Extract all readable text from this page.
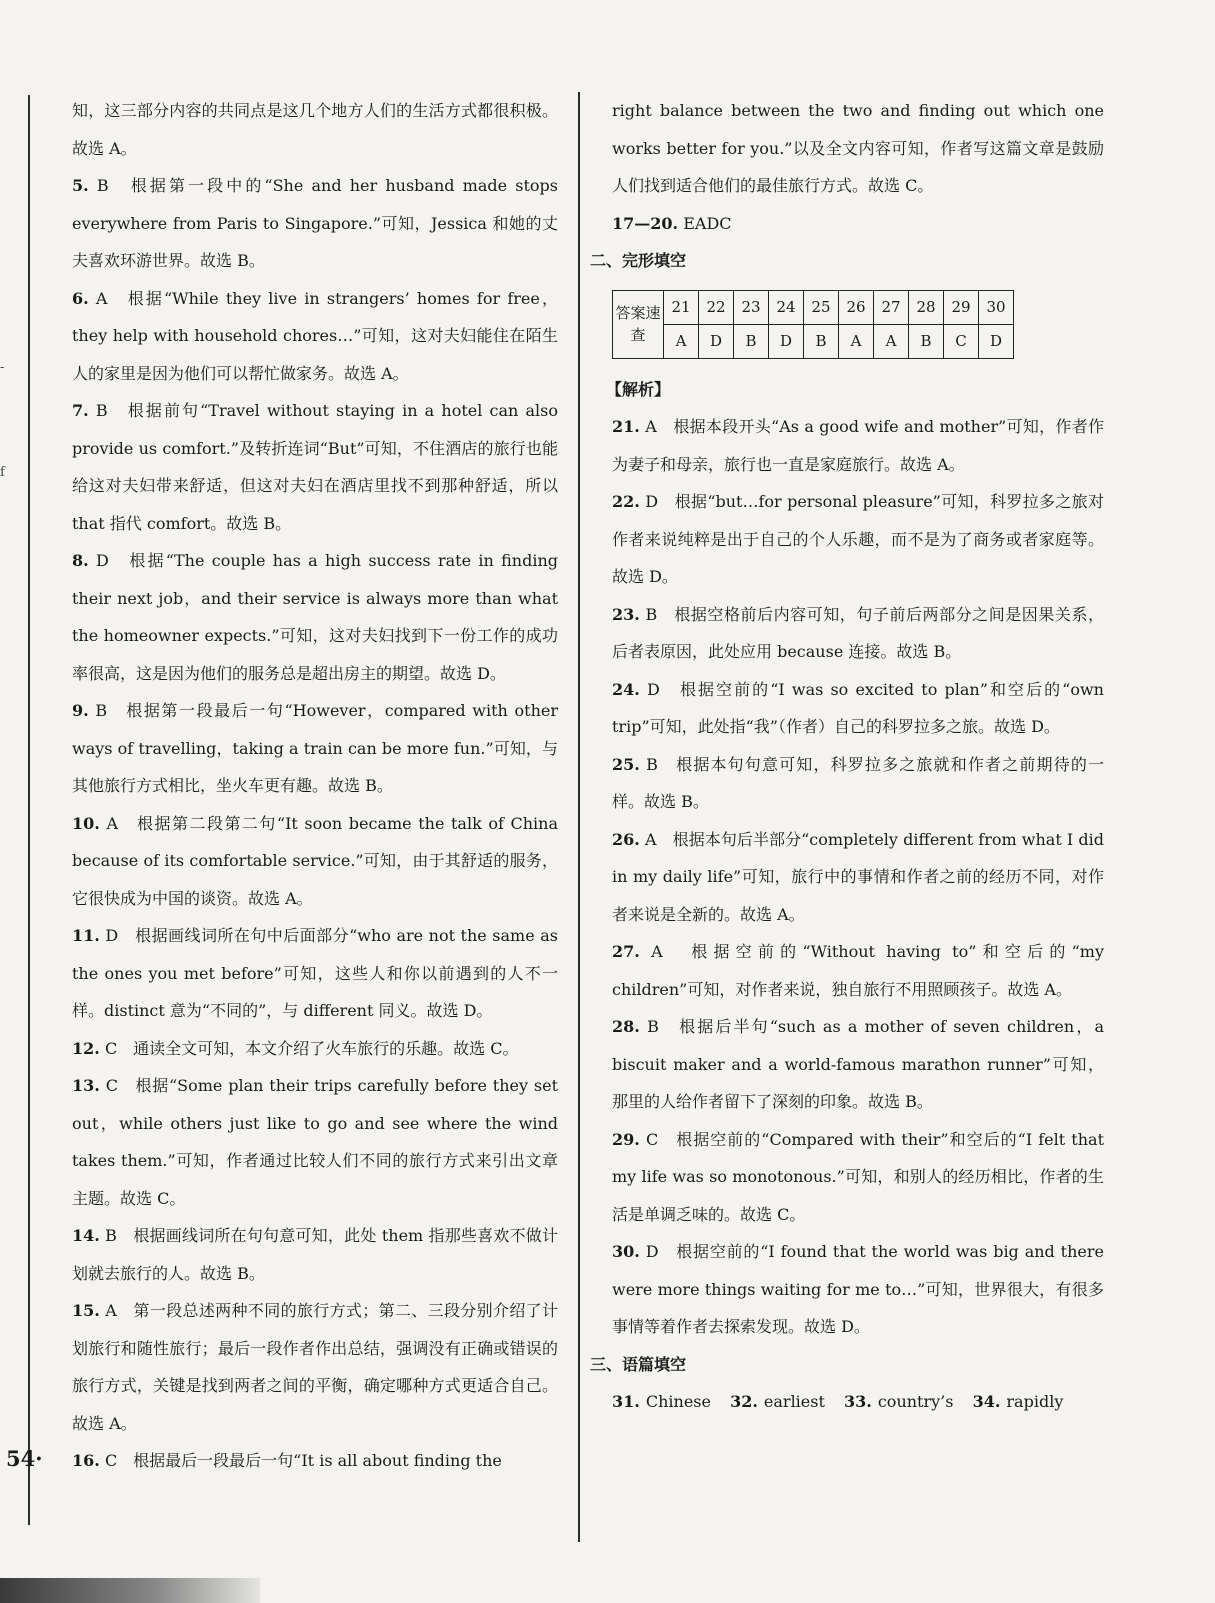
-
f

知，这三部分内容的共同点是这几个地方人们的生活方式都很积极。故选 A。

5. B　根据第一段中的“She and her husband made stops everywhere from Paris to Singapore.”可知，Jessica 和她的丈夫喜欢环游世界。故选 B。

6. A　根据“While they live in strangers’ homes for free，they help with household chores…”可知，这对夫妇能住在陌生人的家里是因为他们可以帮忙做家务。故选 A。

7. B　根据前句“Travel without staying in a hotel can also provide us comfort.”及转折连词“But”可知，不住酒店的旅行也能给这对夫妇带来舒适，但这对夫妇在酒店里找不到那种舒适，所以 that 指代 comfort。故选 B。

8. D　根据“The couple has a high success rate in finding their next job，and their service is always more than what the homeowner expects.”可知，这对夫妇找到下一份工作的成功率很高，这是因为他们的服务总是超出房主的期望。故选 D。

9. B　根据第一段最后一句“However，compared with other ways of travelling，taking a train can be more fun.”可知，与其他旅行方式相比，坐火车更有趣。故选 B。

10. A　根据第二段第二句“It soon became the talk of China because of its comfortable service.”可知，由于其舒适的服务，它很快成为中国的谈资。故选 A。

11. D　根据画线词所在句中后面部分“who are not the same as the ones you met before”可知，这些人和你以前遇到的人不一样。distinct 意为“不同的”，与 different 同义。故选 D。

12. C　通读全文可知，本文介绍了火车旅行的乐趣。故选 C。

13. C　根据“Some plan their trips carefully before they set out，while others just like to go and see where the wind takes them.”可知，作者通过比较人们不同的旅行方式来引出文章主题。故选 C。

14. B　根据画线词所在句句意可知，此处 them 指那些喜欢不做计划就去旅行的人。故选 B。

15. A　第一段总述两种不同的旅行方式；第二、三段分别介绍了计划旅行和随性旅行；最后一段作者作出总结，强调没有正确或错误的旅行方式，关键是找到两者之间的平衡，确定哪种方式更适合自己。故选 A。

16. C　根据最后一段最后一句“It is all about finding the

right balance between the two and finding out which one works better for you.”以及全文内容可知，作者写这篇文章是鼓励人们找到适合他们的最佳旅行方式。故选 C。

17—20. EADC

二、完形填空

答案速查	21	22	23	24	25	26	27	28	29	30
	A	D	B	D	B	A	A	B	C	D

【解析】

21. A　根据本段开头“As a good wife and mother”可知，作者作为妻子和母亲，旅行也一直是家庭旅行。故选 A。

22. D　根据“but…for personal pleasure”可知，科罗拉多之旅对作者来说纯粹是出于自己的个人乐趣，而不是为了商务或者家庭等。故选 D。

23. B　根据空格前后内容可知，句子前后两部分之间是因果关系，后者表原因，此处应用 because 连接。故选 B。

24. D　根据空前的“I was so excited to plan”和空后的“own trip”可知，此处指“我”（作者）自己的科罗拉多之旅。故选 D。

25. B　根据本句句意可知，科罗拉多之旅就和作者之前期待的一样。故选 B。

26. A　根据本句后半部分“completely different from what I did in my daily life”可知，旅行中的事情和作者之前的经历不同，对作者来说是全新的。故选 A。

27. A　根据空前的“Without having to”和空后的“my children”可知，对作者来说，独自旅行不用照顾孩子。故选 A。

28. B　根据后半句“such as a mother of seven children，a biscuit maker and a world-famous marathon runner”可知，那里的人给作者留下了深刻的印象。故选 B。

29. C　根据空前的“Compared with their”和空后的“I felt that my life was so monotonous.”可知，和别人的经历相比，作者的生活是单调乏味的。故选 C。

30. D　根据空前的“I found that the world was big and there were more things waiting for me to…”可知，世界很大，有很多事情等着作者去探索发现。故选 D。

三、语篇填空

31. Chinese 32. earliest 33. country’s 34. rapidly

54·
